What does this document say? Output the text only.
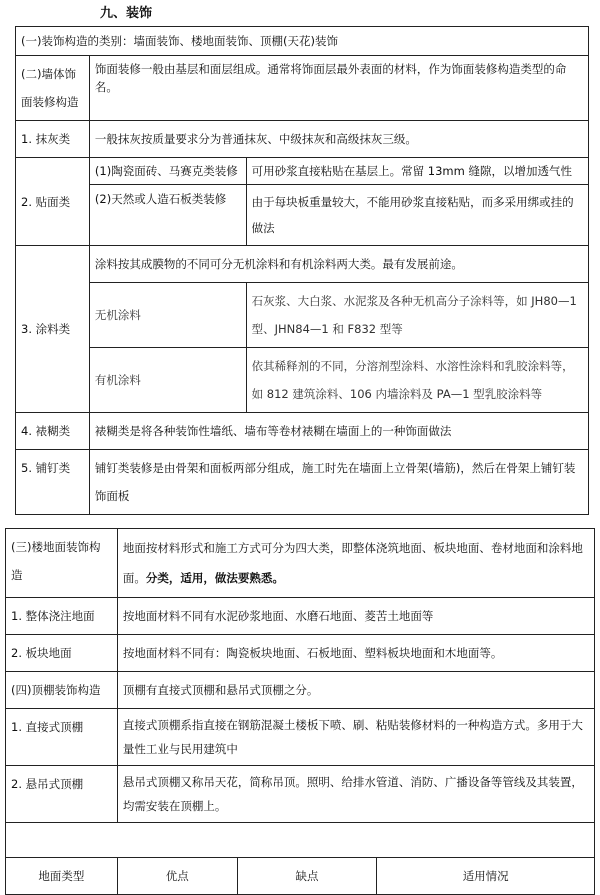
九、装饰
(一)装饰构造的类别：墙面装饰、楼地面装饰、顶棚(天花)装饰		
(二)墙体饰面装修构造	饰面装修一般由基层和面层组成。通常将饰面层最外表面的材料，作为饰面装修构造类型的命名。	
1. 抹灰类	一般抹灰按质量要求分为普通抹灰、中级抹灰和高级抹灰三级。	
2. 贴面类	(1)陶瓷面砖、马赛克类装修	可用砂浆直接粘贴在基层上。常留 13mm 缝隙，以增加透气性
	(2)天然或人造石板类装修	由于每块板重量较大，不能用砂浆直接粘贴，而多采用绑或挂的做法
3. 涂料类	涂料按其成膜物的不同可分无机涂料和有机涂料两大类。最有发展前途。	
	无机涂料	石灰浆、大白浆、水泥浆及各种无机高分子涂料等，如 JH80—1 型、JHN84—1 和 F832 型等
	有机涂料	依其稀释剂的不同，分溶剂型涂料、水溶性涂料和乳胶涂料等，如 812 建筑涂料、106 内墙涂料及 PA—1 型乳胶涂料等
4. 裱糊类	裱糊类是将各种装饰性墙纸、墙布等卷材裱糊在墙面上的一种饰面做法	
5. 铺钉类	铺钉类装修是由骨架和面板两部分组成，施工时先在墙面上立骨架(墙筋)，然后在骨架上铺钉装饰面板	
(三)楼地面装饰构造	地面按材料形式和施工方式可分为四大类，即整体浇筑地面、板块地面、卷材地面和涂料地面。分类，适用，做法要熟悉。		
1. 整体浇注地面	按地面材料不同有水泥砂浆地面、水磨石地面、菱苦土地面等		
2. 板块地面	按地面材料不同有：陶瓷板块地面、石板地面、塑料板块地面和木地面等。		
(四)顶棚装饰构造	顶棚有直接式顶棚和悬吊式顶棚之分。		
1. 直接式顶棚	直接式顶棚系指直接在钢筋混凝土楼板下喷、刷、粘贴装修材料的一种构造方式。多用于大量性工业与民用建筑中		
2. 悬吊式顶棚	悬吊式顶棚又称吊天花，简称吊顶。照明、给排水管道、消防、广播设备等管线及其装置，均需安装在顶棚上。		

地面类型	优点	缺点	适用情况
